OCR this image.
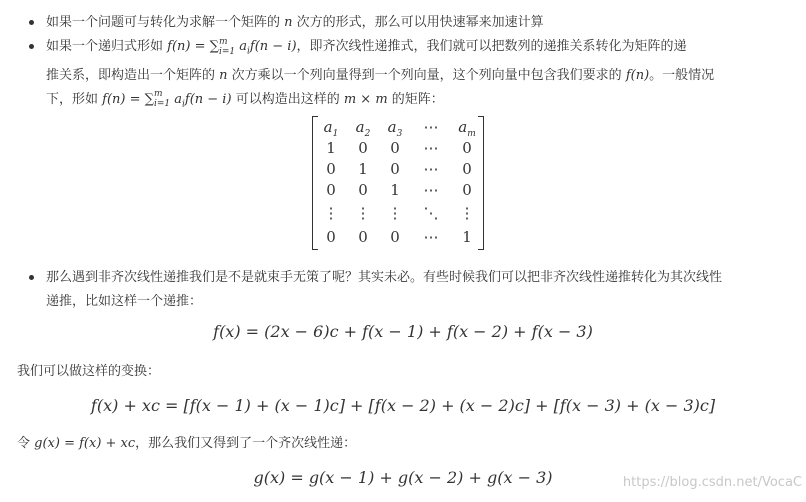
如果一个问题可与转化为求解一个矩阵的 n 次方的形式，那么可以用快速幂来加速计算
如果一个递归式形如 f(n) = ∑m
i=1 $a_if(n - i)$，即齐次线性递推式，我们就可以把数列的递推关系转化为矩阵的递
推关系，即构造出一个矩阵的 n 次方乘以一个列向量得到一个列向量，这个列向量中包含我们要求的 f(n)。一般情况
下，形如 f(n) = ∑m
i=1 $a_if(n - i)$ 可以构造出这样的 m × m 的矩阵：
$a_1$	$a_2$	$a_3$	⋯	$a_m$
1	0	0	⋯	0
0	1	0	⋯	0
0	0	1	⋯	0
⋮	⋮	⋮	⋱	⋮
0	0	0	⋯	1
那么遇到非齐次线性递推我们是不是就束手无策了呢？其实未必。有些时候我们可以把非齐次线性递推转化为其次线性
递推，比如这样一个递推：
f(x) = (2x − 6)c + f(x − 1) + f(x − 2) + f(x − 3)
我们可以做这样的变换：
f(x) + xc = [f(x − 1) + (x − 1)c] + [f(x − 2) + (x − 2)c] + [f(x − 3) + (x − 3)c]
令 g(x) = f(x) + xc，那么我们又得到了一个齐次线性递：
g(x) = g(x − 1) + g(x − 2) + g(x − 3)	https://blog.csdn.net/VocaC
